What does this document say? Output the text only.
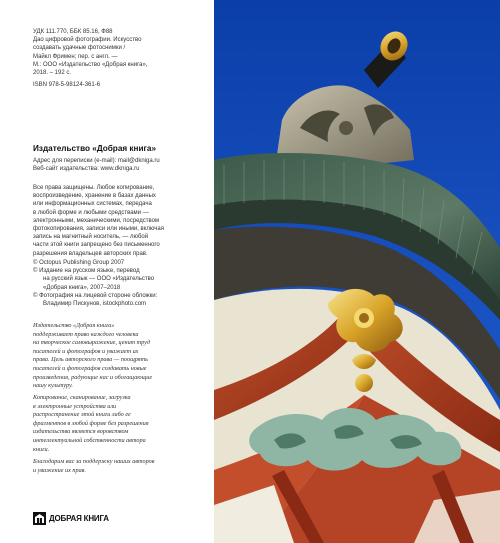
УДК 111.770, ББК 85.16, Ф88
Дао цифровой фотографии. Искусство
создавать удачные фотоснимки /
Майкл Фримен; пер. с англ. —
М.: ООО «Издательство «Добрая книга»,
2018. – 192 с.
ISBN 978-5-98124-361-6
Издательство «Добрая книга»
Адрес для переписки (e-mail): mail@dkniga.ru
Веб-сайт издательства: www.dkniga.ru
Все права защищены. Любое копирование,
воспроизведение, хранение в базах данных
или информационных системах, передача
в любой форме и любыми средствами —
электронными, механическими, посредством
фотокопирования, записи или иными, включая
запись на магнитный носитель, — любой
части этой книги запрещено без письменного
разрешения владельцев авторских прав.
© Octopus Publishing Group 2007
© Издание на русском языке, перевод
на русский язык — ООО «Издательство
«Добрая книга», 2007–2018
© Фотография на лицевой стороне обложки:
Владимир Пискунов, istockphoto.com
Издательство «Добрая книга»
поддерживает право каждого человека
на творческое самовыражение, ценит труд
писателей и фотографов и уважает их
права. Цель авторского права — поощрять
писателей и фотографов создавать новые
произведения, радующие нас и обогащающие
нашу культуру.
Копирование, сканирование, загрузка
в электронные устройства или
распространение этой книги либо ее
фрагментов в любой форме без разрешения
издательства является воровством
интеллектуальной собственности автора
книги.
Благодарим вас за поддержку наших авторов
и уважение их прав.
ДОБРАЯ КНИГА
